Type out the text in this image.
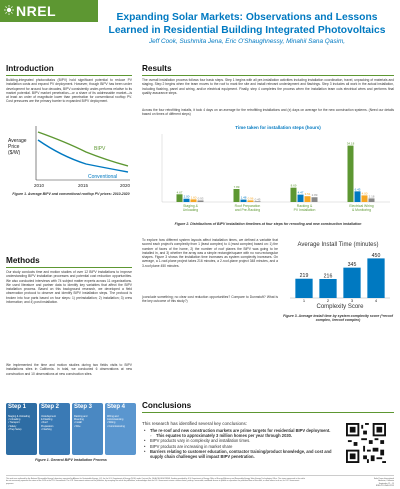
NREL	Expanding Solar Markets: Observations and Lessons
Learned in Residential Building Integrated Photovoltaics
Jeff Cook, Sushmita Jena, Eric O'Shaughnessy, Minahil Sana Qasim,
Introduction
Building-integrated photovoltaics (BIPV) hold significant potential to reduce PV installation costs and expand PV deployment. However, though BIPV has been under development for around four decades, BIPV consistently under-performs relative to its market potential. BIPV market penetration—or a share of its addressable market—is at least an order of magnitude lower than penetration for conventional rooftop PV. Cost pressures are the primary barrier to expanded BIPV deployment.
Average
Price
($/W)
BIPV
Conventional
2010	2015	2020
Figure 1. Average BIPV and conventional rooftop PV prices: 2010-2020
Methods
Our study conducts time and motion studies of over 12 BIPV installations to improve understanding BIPV installation processes and potential cost reduction opportunities. We also conducted interviews with 74 subject matter experts across 11 organizations. We used literature and partner data to identify key variables that affect the BIPV installation process. Based on this background research, we developed a field observation protocol to observe and identify BIPV installation steps. The protocol is broken into four parts based on four steps: 1) preinstallation; 2) installation; 3) crew information; and 4) post installation.
We implemented the time and motion studies during two fields visits to BIPV installations sites in California. In total, we conducted 6 observations at new construction and 10 observations at new construction sites.
Step 1
Staging & Unloading
• Unloading
• Transport
• Safety
• Prep Setup
Step 2
Underlayment
& Flashing
• Roof
Preparation
• Flashing
Step 3
Racking and
Mounting
• Install
• Wire
Step 4
Wiring and
Commissioning
• Wiring
• Commissioning
Figure 1. General BIPV Installation Process
Results
The overall installation process follows four basic steps. Step 1 begins with all pre-installation activities including installation coordination, travel, unpacking of materials and staging. Step 2 begins when the team moves to the roof to mark the site and install relevant underlayment and flashings. Step 3 includes all work in the actual installation, including flashing, panel and wiring, and/or electrical equipment. Finally, step 4 completes the process when the installation team cuts electrical wires and performs final quality assurance steps.
Across the four retrofitting installs, it took 4 days on an average for the retrofitting installations and (x) days on average for the new construction systems. (Need our details based on times of different steps)
Time taken for installation steps (hours)
4.67
2.00 1.60 0.93
7.89
1.48 0.96 0.45
8.69
4.47 3.51 2.89
34.18
6.45
4.00
2.18
Staging &
Unloading
Roof Preparation
and Pre-Racking
Racking &
PV Installation
Electrical Wiring
& Monitoring
Figure 2. Distributions of BIPV installation timelines at four steps for reroofing and new construction installation
To explore how different system layouts affect installation times, we defined a variable that scored each project's complexity from 1 (least complex) to 4 (most complex) based on: 1) the number of faces of the home, 2) the number of roof planes the BIPV was going to be installed in, and 3) whether the array was a simple rectangle/square with no non-rectangular shapes. Figure 3 shows the installation time increases as system complexity increases. On average, a 1-roof-plane project takes 216 minutes, a 2-roof-plane project 348 minutes, and a 3-roof plane 450 minutes.
(conclude something; no clear cost reduction opportunities? Compare to Dunnstuft? What is the key outcome of this study?)
Average Install Time (minutes)
219
1
216
2
345
3
450
4
Complexity Score
Figure 3. Average install time by system complexity score (*reroof complex, #reroof complex)
Conclusions
This research has identified several key conclusions:
• The re-roof and new construction markets are prime targets for residential BIPV deployment.
◦ This equates to approximately 3 million homes per year through 2030.
• BIPV products vary in complexity and installation times.
• BIPV products are increasing in market share
• Barriers relating to customer education, contractor training/product knowledge, and cost and supply chain challenges will impact BIPV penetration.
This work was authored by the National Renewable Energy Laboratory, operated by Alliance for Sustainable Energy, LLC, for the U.S. Department of Energy (DOE) under Contract No. DE-AC36-08GO28308. Funding provided by U.S. Department of Energy Office of Energy Efficiency and Renewable Energy Solar Energy Technologies Office. The views expressed in the article do not necessarily represent the views of the DOE or the U.S. Government. The U.S. Government retains and the publisher, by accepting the article for publication, acknowledges that the U.S. Government retains a nonexclusive, paid-up, irrevocable, worldwide license to publish or reproduce the published form of this work, or allow others to do so, for U.S. Government purposes.
Solar Power International
Anaheim, California
September 12 – 15
NREL/PO-7A40-XXXX
